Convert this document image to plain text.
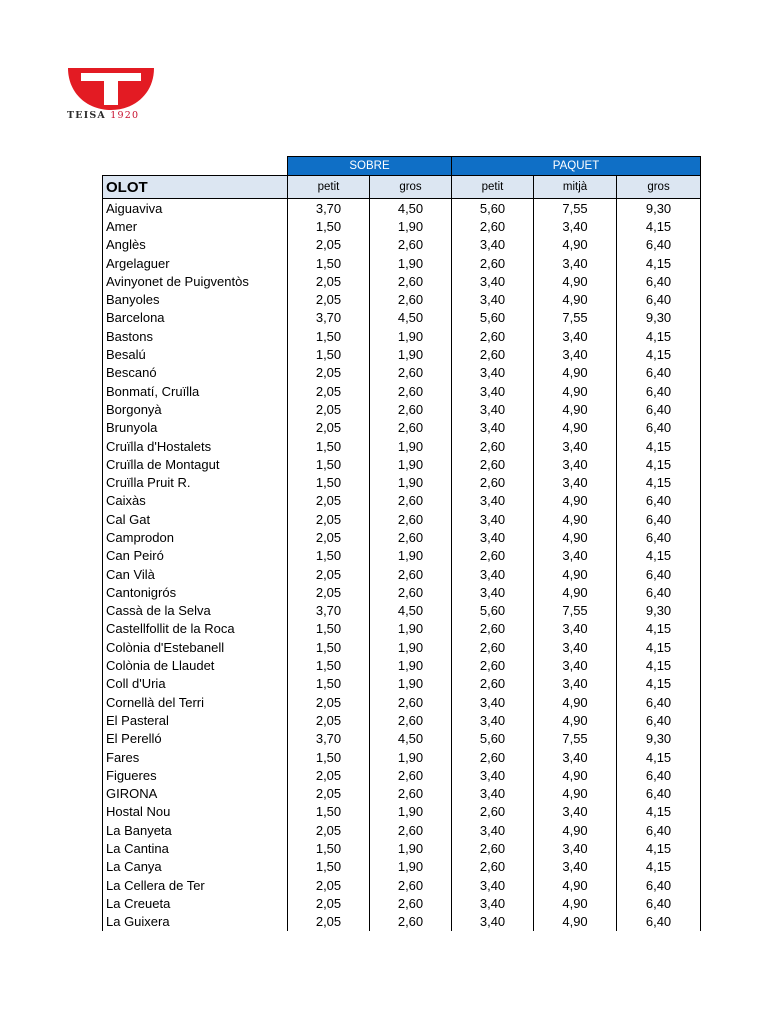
TEISA 1920
	SOBRE		PAQUET		
OLOT	petit	gros	petit	mitjà	gros
Aiguaviva	3,70	4,50	5,60	7,55	9,30
Amer	1,50	1,90	2,60	3,40	4,15
Anglès	2,05	2,60	3,40	4,90	6,40
Argelaguer	1,50	1,90	2,60	3,40	4,15
Avinyonet de Puigventòs	2,05	2,60	3,40	4,90	6,40
Banyoles	2,05	2,60	3,40	4,90	6,40
Barcelona	3,70	4,50	5,60	7,55	9,30
Bastons	1,50	1,90	2,60	3,40	4,15
Besalú	1,50	1,90	2,60	3,40	4,15
Bescanó	2,05	2,60	3,40	4,90	6,40
Bonmatí, Cruïlla	2,05	2,60	3,40	4,90	6,40
Borgonyà	2,05	2,60	3,40	4,90	6,40
Brunyola	2,05	2,60	3,40	4,90	6,40
Cruïlla d'Hostalets	1,50	1,90	2,60	3,40	4,15
Cruïlla de Montagut	1,50	1,90	2,60	3,40	4,15
Cruïlla Pruit R.	1,50	1,90	2,60	3,40	4,15
Caixàs	2,05	2,60	3,40	4,90	6,40
Cal Gat	2,05	2,60	3,40	4,90	6,40
Camprodon	2,05	2,60	3,40	4,90	6,40
Can Peiró	1,50	1,90	2,60	3,40	4,15
Can Vilà	2,05	2,60	3,40	4,90	6,40
Cantonigrós	2,05	2,60	3,40	4,90	6,40
Cassà de la Selva	3,70	4,50	5,60	7,55	9,30
Castellfollit de la Roca	1,50	1,90	2,60	3,40	4,15
Colònia d'Estebanell	1,50	1,90	2,60	3,40	4,15
Colònia de Llaudet	1,50	1,90	2,60	3,40	4,15
Coll d'Uria	1,50	1,90	2,60	3,40	4,15
Cornellà del Terri	2,05	2,60	3,40	4,90	6,40
El Pasteral	2,05	2,60	3,40	4,90	6,40
El Perelló	3,70	4,50	5,60	7,55	9,30
Fares	1,50	1,90	2,60	3,40	4,15
Figueres	2,05	2,60	3,40	4,90	6,40
GIRONA	2,05	2,60	3,40	4,90	6,40
Hostal Nou	1,50	1,90	2,60	3,40	4,15
La Banyeta	2,05	2,60	3,40	4,90	6,40
La Cantina	1,50	1,90	2,60	3,40	4,15
La Canya	1,50	1,90	2,60	3,40	4,15
La Cellera de Ter	2,05	2,60	3,40	4,90	6,40
La Creueta	2,05	2,60	3,40	4,90	6,40
La Guixera	2,05	2,60	3,40	4,90	6,40
